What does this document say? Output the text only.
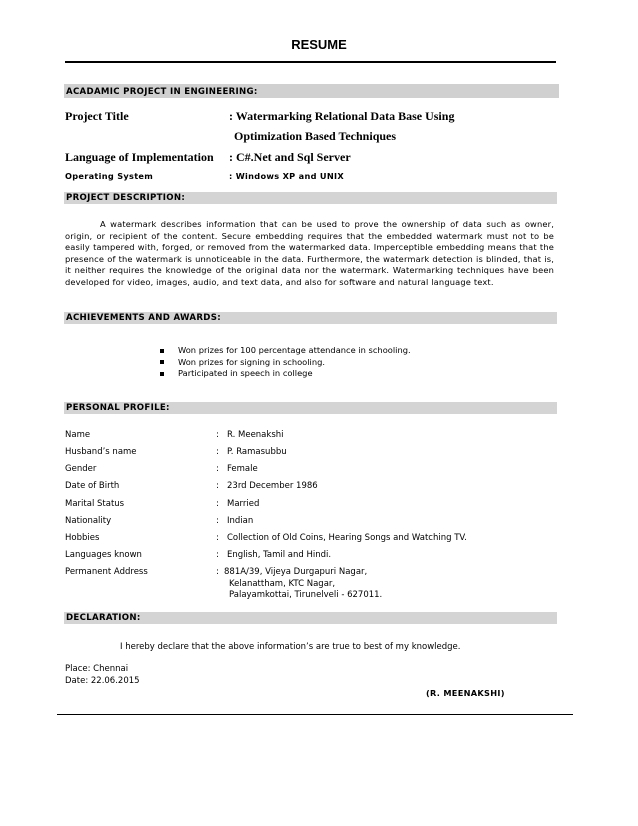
RESUME
ACADAMIC PROJECT IN ENGINEERING:
Project Title	: Watermarking Relational Data Base Using
Optimization Based Techniques
Language of Implementation : C#.Net and Sql Server
Operating System	: Windows XP and UNIX
PROJECT DESCRIPTION:
A watermark describes information that can be used to prove the ownership of data such as owner, origin, or recipient of the content. Secure embedding requires that the embedded watermark must not to be easily tampered with, forged, or removed from the watermarked data. Imperceptible embedding means that the presence of the watermark is unnoticeable in the data. Furthermore, the watermark detection is blinded, that is, it neither requires the knowledge of the original data nor the watermark. Watermarking techniques have been developed for video, images, audio, and text data, and also for software and natural language text.
ACHIEVEMENTS AND AWARDS:
Won prizes for 100 percentage attendance in schooling.
Won prizes for signing in schooling.
Participated in speech in college
PERSONAL PROFILE:
Name	: R. Meenakshi
Husband’s name	: P. Ramasubbu
Gender	: Female
Date of Birth	: 23rd December 1986
Marital Status	: Married
Nationality	: Indian
Hobbies	: Collection of Old Coins, Hearing Songs and Watching TV.
Languages known	: English, Tamil and Hindi.
Permanent Address	: 881A/39, Vijeya Durgapuri Nagar,
Kelanattham, KTC Nagar,
Palayamkottai, Tirunelveli - 627011.
DECLARATION:
I hereby declare that the above information’s are true to best of my knowledge.
Place: Chennai
Date: 22.06.2015
(R. MEENAKSHI)
